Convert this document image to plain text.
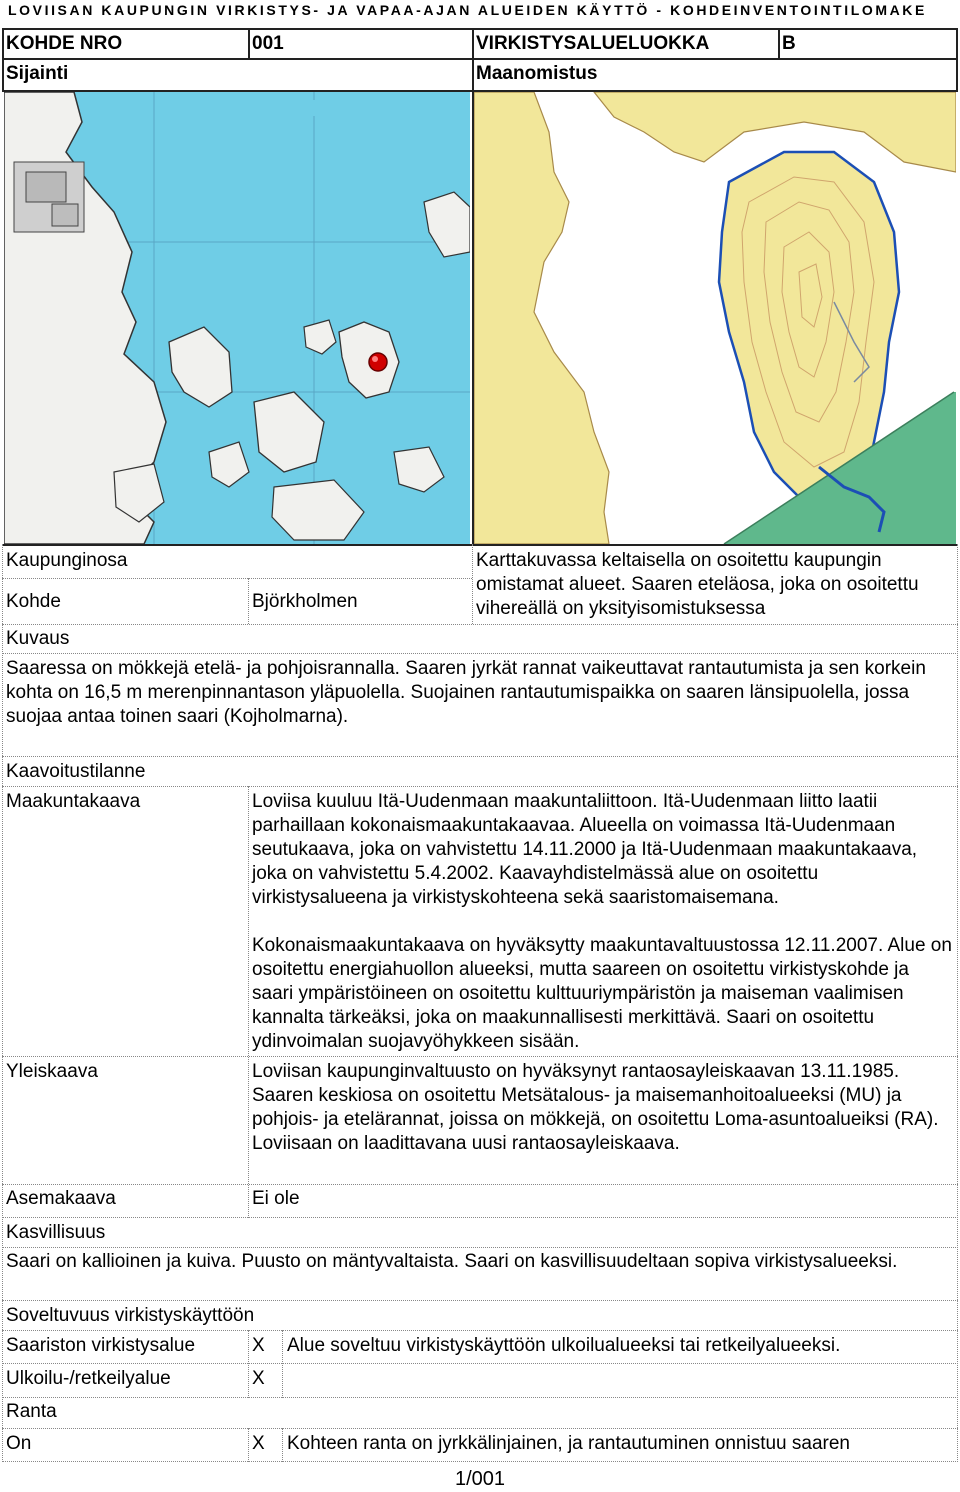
LOVIISAN KAUPUNGIN VIRKISTYS- JA VAPAA-AJAN ALUEIDEN KÄYTTÖ - KOHDEINVENTOINTILOMAKE
KOHDE NRO	001	VIRKISTYSALUELUOKKA	B
Sijainti	Maanomistus
Kaupunginosa
Kohde	Björkholmen
Karttakuvassa keltaisella on osoitettu kaupungin omistamat alueet. Saaren eteläosa, joka on osoitettu vihereällä on yksityisomistuksessa
Kuvaus
Saaressa on mökkejä etelä- ja pohjoisrannalla. Saaren jyrkät rannat vaikeuttavat rantautumista ja sen korkein kohta on 16,5 m merenpinnantason yläpuolella. Suojainen rantautumispaikka on saaren länsipuolella, jossa suojaa antaa toinen saari (Kojholmarna).
Kaavoitustilanne
Maakuntakaava	Loviisa kuuluu Itä-Uudenmaan maakuntaliittoon. Itä-Uudenmaan liitto laatii parhaillaan kokonaismaakuntakaavaa. Alueella on voimassa Itä-Uudenmaan seutukaava, joka on vahvistettu 14.11.2000 ja Itä-Uudenmaan maakuntakaava, joka on vahvistettu 5.4.2002. Kaavayhdistelmässä alue on osoitettu virkistysalueena ja virkistyskohteena sekä saaristomaisemana.
Kokonaismaakuntakaava on hyväksytty maakuntavaltuustossa 12.11.2007. Alue on osoitettu energiahuollon alueeksi, mutta saareen on osoitettu virkistyskohde ja saari ympäristöineen on osoitettu kulttuuriympäristön ja maiseman vaalimisen kannalta tärkeäksi, joka on maakunnallisesti merkittävä. Saari on osoitettu ydinvoimalan suojavyöhykkeen sisään.
Yleiskaava	Loviisan kaupunginvaltuusto on hyväksynyt rantaosayleiskaavan 13.11.1985. Saaren keskiosa on osoitettu Metsätalous- ja maisemanhoitoalueeksi (MU) ja pohjois- ja etelärannat, joissa on mökkejä, on osoitettu Loma-asuntoalueiksi (RA). Loviisaan on laadittavana uusi rantaosayleiskaava.
Asemakaava	Ei ole
Kasvillisuus
Saari on kallioinen ja kuiva. Puusto on mäntyvaltaista. Saari on kasvillisuudeltaan sopiva virkistysalueeksi.
Soveltuvuus virkistyskäyttöön
Saariston virkistysalue	X Alue soveltuu virkistyskäyttöön ulkoilualueeksi tai retkeilyalueeksi.
Ulkoilu-/retkeilyalue	X
Ranta
On	X Kohteen ranta on jyrkkälinjainen, ja rantautuminen onnistuu saaren
1/001
